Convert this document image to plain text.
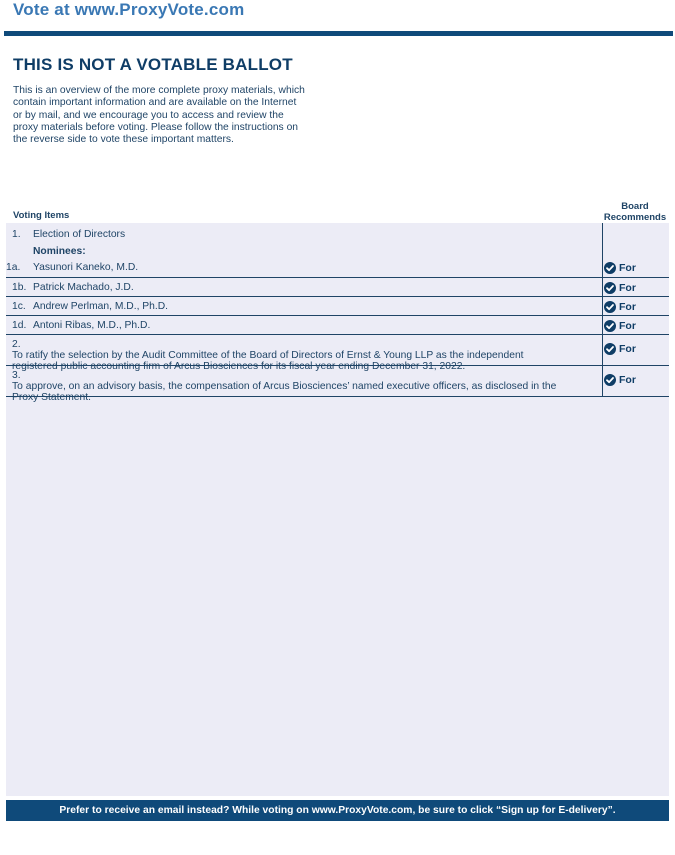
Vote at www.ProxyVote.com
THIS IS NOT A VOTABLE BALLOT
This is an overview of the more complete proxy materials, which
contain important information and are available on the Internet
or by mail, and we encourage you to access and review the
proxy materials before voting. Please follow the instructions on
the reverse side to vote these important matters.
Voting Items
Board
Recommends
1. Election of Directors
Nominees:
1a. Yasunori Kaneko, M.D.	For
1b. Patrick Machado, J.D.	For
1c. Andrew Perlman, M.D., Ph.D.	For
1d. Antoni Ribas, M.D., Ph.D.	For
2.To ratify the selection by the Audit Committee of the Board of Directors of Ernst & Young LLP as the independent
registered public accounting firm of Arcus Biosciences for its fiscal year ending December 31, 2022.
For
3.To approve, on an advisory basis, the compensation of Arcus Biosciences’ named executive officers, as disclosed in the
Proxy Statement.
For
Prefer to receive an email instead? While voting on www.ProxyVote.com, be sure to click “Sign up for E-delivery”.
